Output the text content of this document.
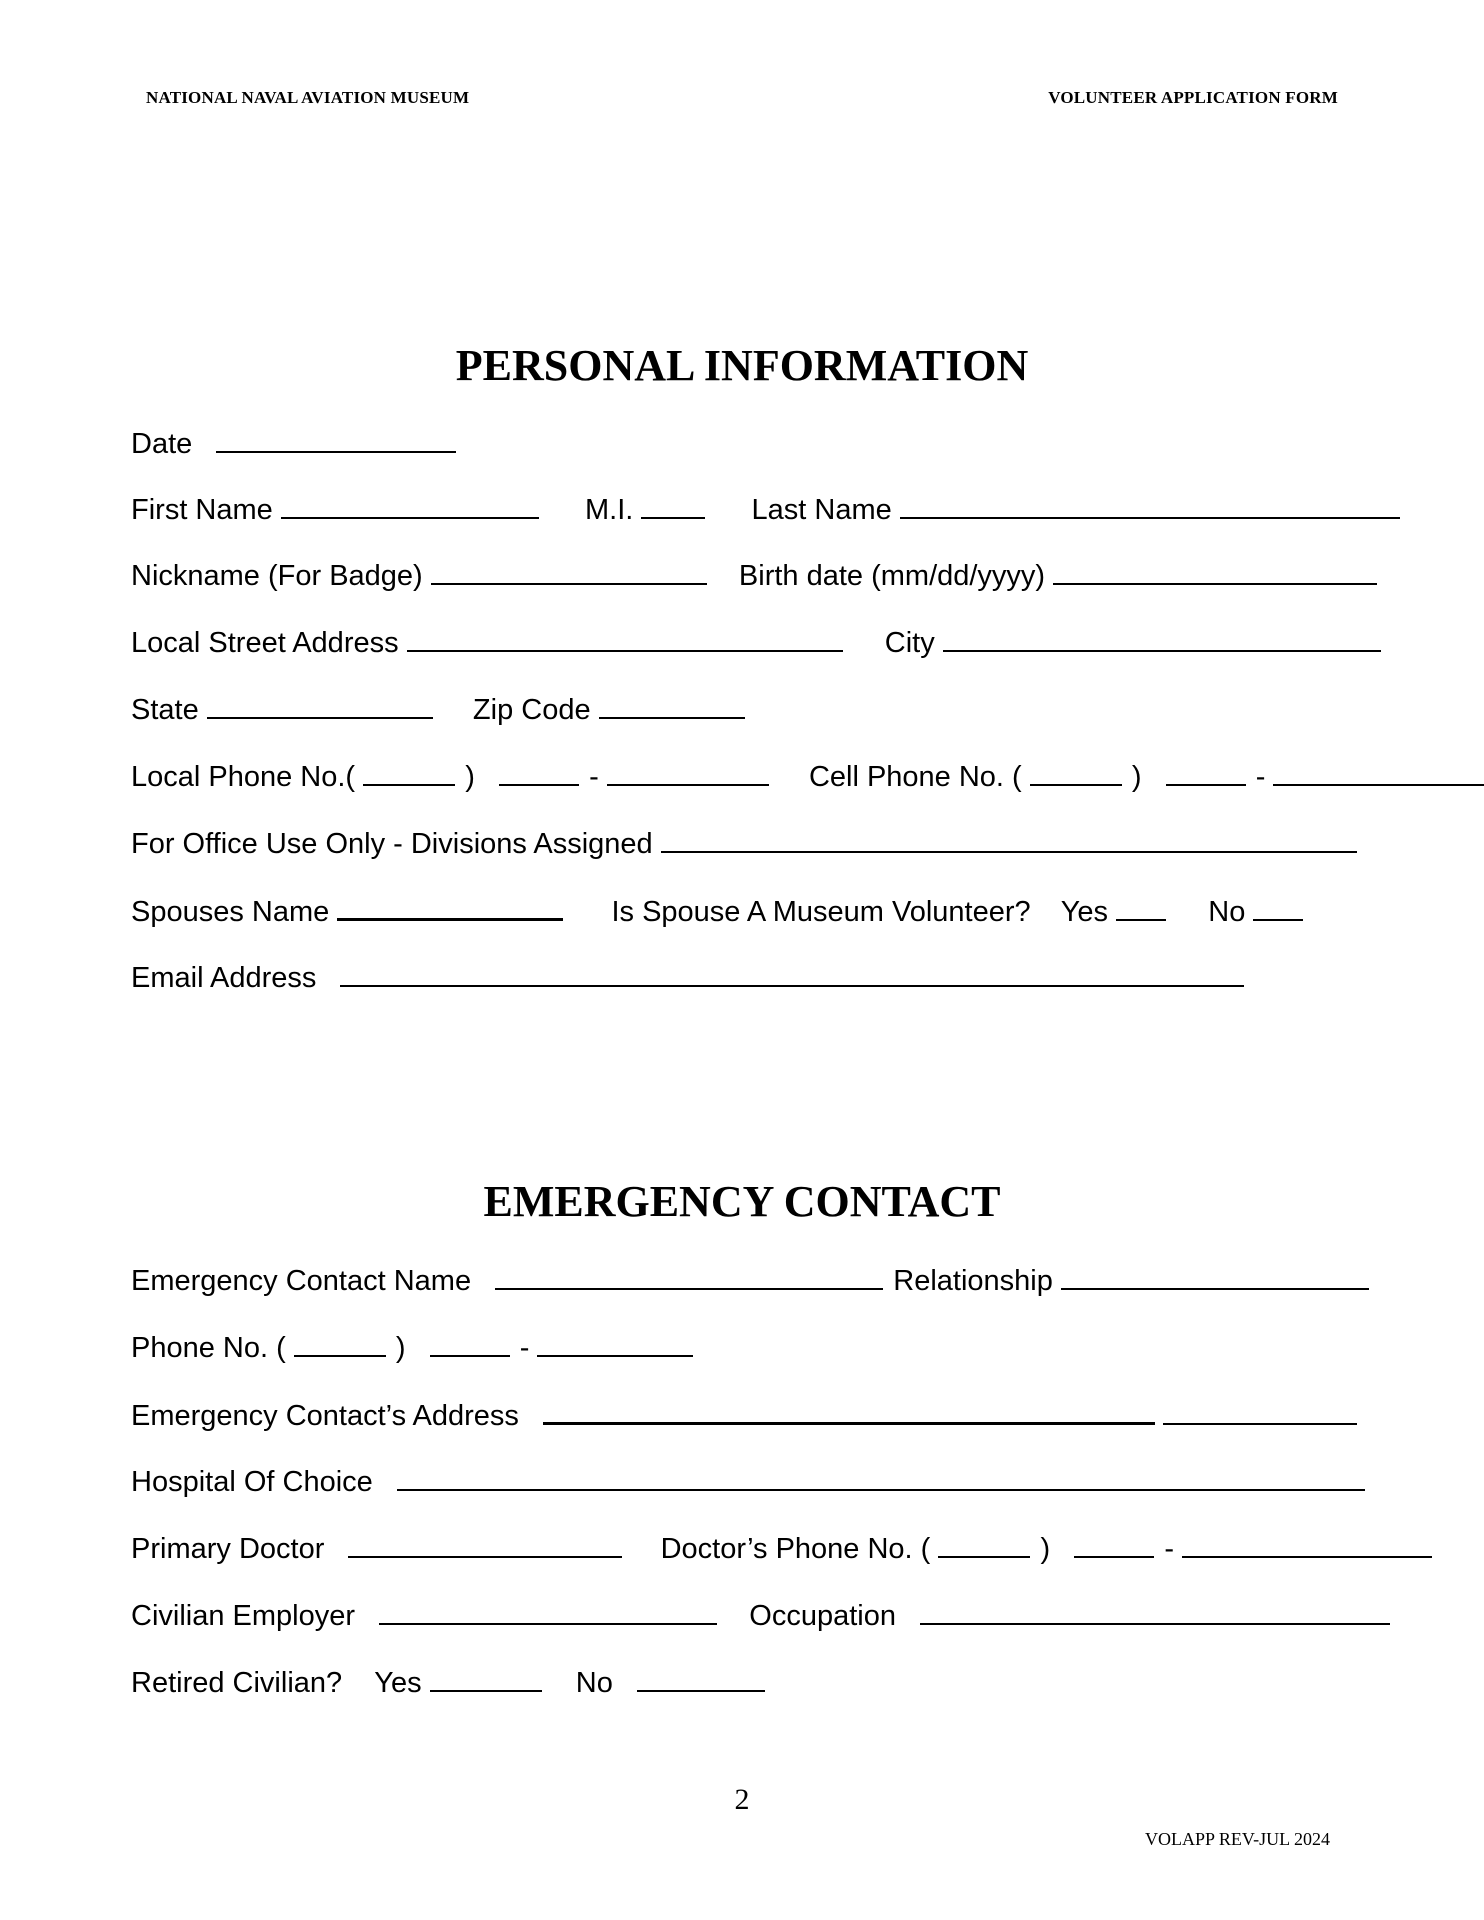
NATIONAL NAVAL AVIATION MUSEUM	VOLUNTEER APPLICATION FORM
PERSONAL INFORMATION
Date
First Name	M.I.	Last Name
Nickname (For Badge)	Birth date (mm/dd/yyyy)
Local Street Address	City
State	Zip Code
Local Phone No.(	)	-	Cell Phone No. (	)	-
For Office Use Only - Divisions Assigned
Spouses Name	Is Spouse A Museum Volunteer? Yes	No
Email Address
EMERGENCY CONTACT
Emergency Contact Name	Relationship
Phone No. (	)	-
Emergency Contact’s Address
Hospital Of Choice
Primary Doctor	Doctor’s Phone No. (	)	-
Civilian Employer	Occupation
Retired Civilian? Yes	No
2
VOLAPP REV-JUL 2024
